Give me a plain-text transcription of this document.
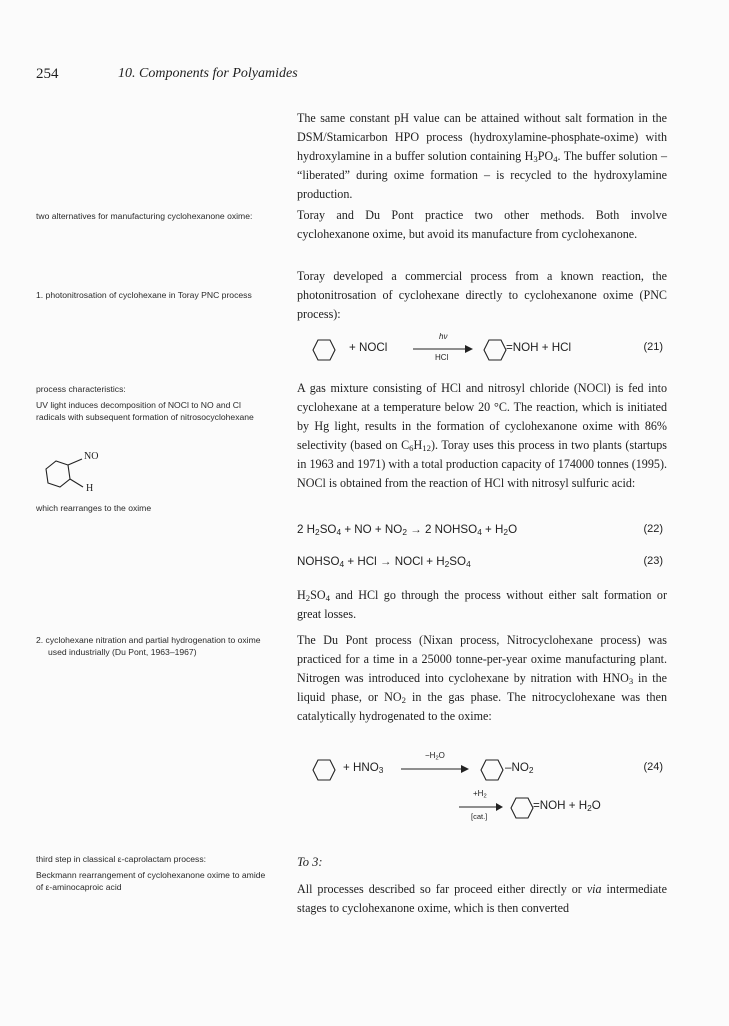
254	10. Components for Polyamides

two alternatives for manufacturing cyclohexanone oxime:

1. photonitrosation of cyclohexane in Toray PNC process

process characteristics:

UV light induces decomposition of NOCl to NO and Cl radicals with subsequent formation of nitrosocyclohexane

NO
H

which rearranges to the oxime

2. cyclohexane nitration and partial hydrogenation to oxime used industrially (Du Pont, 1963–1967)

third step in classical ε-caprolactam process:

Beckmann rearrangement of cyclohexanone oxime to amide of ε-aminocaproic acid

The same constant pH value can be attained without salt formation in the DSM/Stamicarbon HPO process (hydroxylamine-phosphate-oxime) with hydroxylamine in a buffer solution containing $H_3PO_4$. The buffer solution – “liberated” during oxime formation – is recycled to the hydroxylamine production.

Toray and Du Pont practice two other methods. Both involve cyclohexanone oxime, but avoid its manufacture from cyclohexanone.

Toray developed a commercial process from a known reaction, the photonitrosation of cyclohexane directly to cyclohexanone oxime (PNC process):

+ NOCl
hν
HCl
=NOH + HCl	(21)

A gas mixture consisting of HCl and nitrosyl chloride (NOCl) is fed into cyclohexane at a temperature below 20 °C. The reaction, which is initiated by Hg light, results in the formation of cyclohexanone oxime with 86% selectivity (based on $C_6H_{12}$). Toray uses this process in two plants (startups in 1963 and 1971) with a total production capacity of 174000 tonnes (1995). NOCl is obtained from the reaction of HCl with nitrosyl sulfuric acid:

2 $H_2SO_4$ + NO + $NO_2 \to 2$ $NOHSO_4 + H_2O$	(22)
$NOHSO_4$ + HCl → NOCl + $H_2SO_4$	(23)

$H_2SO_4$ and HCl go through the process without either salt formation or great losses.

The Du Pont process (Nixan process, Nitrocyclohexane process) was practiced for a time in a 25000 tonne-per-year oxime manufacturing plant. Nitrogen was introduced into cyclohexane by nitration with $HNO_3$ in the liquid phase, or $NO_2$ in the gas phase. The nitrocyclohexane was then catalytically hydrogenated to the oxime:

+ $HNO_3$
$-H_2O$
$-NO_2$	(24)
$+H_2$
[cat.]
$=NOH + H_2O$
To 3:

All processes described so far proceed either directly or via intermediate stages to cyclohexanone oxime, which is then converted
